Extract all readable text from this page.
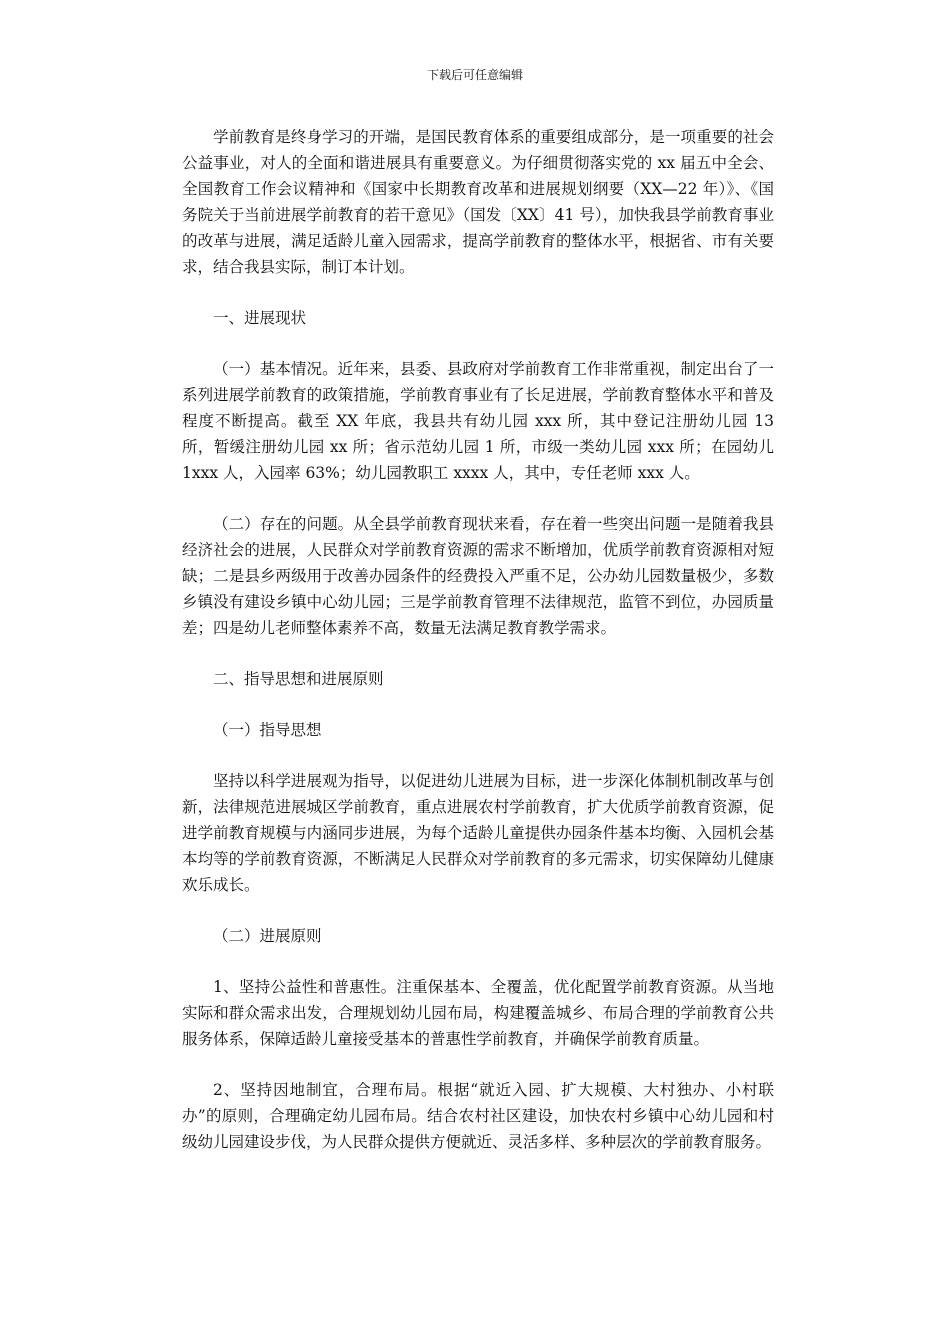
下载后可任意编辑

学前教育是终身学习的开端，是国民教育体系的重要组成部分，是一项重要的社会公益事业，对人的全面和谐进展具有重要意义。为仔细贯彻落实党的 xx 届五中全会、全国教育工作会议精神和《国家中长期教育改革和进展规划纲要（XX—22 年）》、《国务院关于当前进展学前教育的若干意见》（国发〔XX〕41 号），加快我县学前教育事业的改革与进展，满足适龄儿童入园需求，提高学前教育的整体水平，根据省、市有关要求，结合我县实际，制订本计划。

一、进展现状

（一）基本情况。近年来，县委、县政府对学前教育工作非常重视，制定出台了一系列进展学前教育的政策措施，学前教育事业有了长足进展，学前教育整体水平和普及程度不断提高。截至 XX 年底，我县共有幼儿园 xxx 所，其中登记注册幼儿园 13 所，暂缓注册幼儿园 xx 所；省示范幼儿园 1 所，市级一类幼儿园 xxx 所；在园幼儿 1xxx 人，入园率 63%；幼儿园教职工 xxxx 人，其中，专任老师 xxx 人。

（二）存在的问题。从全县学前教育现状来看，存在着一些突出问题一是随着我县经济社会的进展，人民群众对学前教育资源的需求不断增加，优质学前教育资源相对短缺；二是县乡两级用于改善办园条件的经费投入严重不足，公办幼儿园数量极少，多数乡镇没有建设乡镇中心幼儿园；三是学前教育管理不法律规范，监管不到位，办园质量差；四是幼儿老师整体素养不高，数量无法满足教育教学需求。

二、指导思想和进展原则

（一）指导思想

坚持以科学进展观为指导，以促进幼儿进展为目标，进一步深化体制机制改革与创新，法律规范进展城区学前教育，重点进展农村学前教育，扩大优质学前教育资源，促进学前教育规模与内涵同步进展，为每个适龄儿童提供办园条件基本均衡、入园机会基本均等的学前教育资源，不断满足人民群众对学前教育的多元需求，切实保障幼儿健康欢乐成长。

（二）进展原则

1、坚持公益性和普惠性。注重保基本、全覆盖，优化配置学前教育资源。从当地实际和群众需求出发，合理规划幼儿园布局，构建覆盖城乡、布局合理的学前教育公共服务体系，保障适龄儿童接受基本的普惠性学前教育，并确保学前教育质量。

2、坚持因地制宜，合理布局。根据“就近入园、扩大规模、大村独办、小村联办”的原则，合理确定幼儿园布局。结合农村社区建设，加快农村乡镇中心幼儿园和村级幼儿园建设步伐，为人民群众提供方便就近、灵活多样、多种层次的学前教育服务。
